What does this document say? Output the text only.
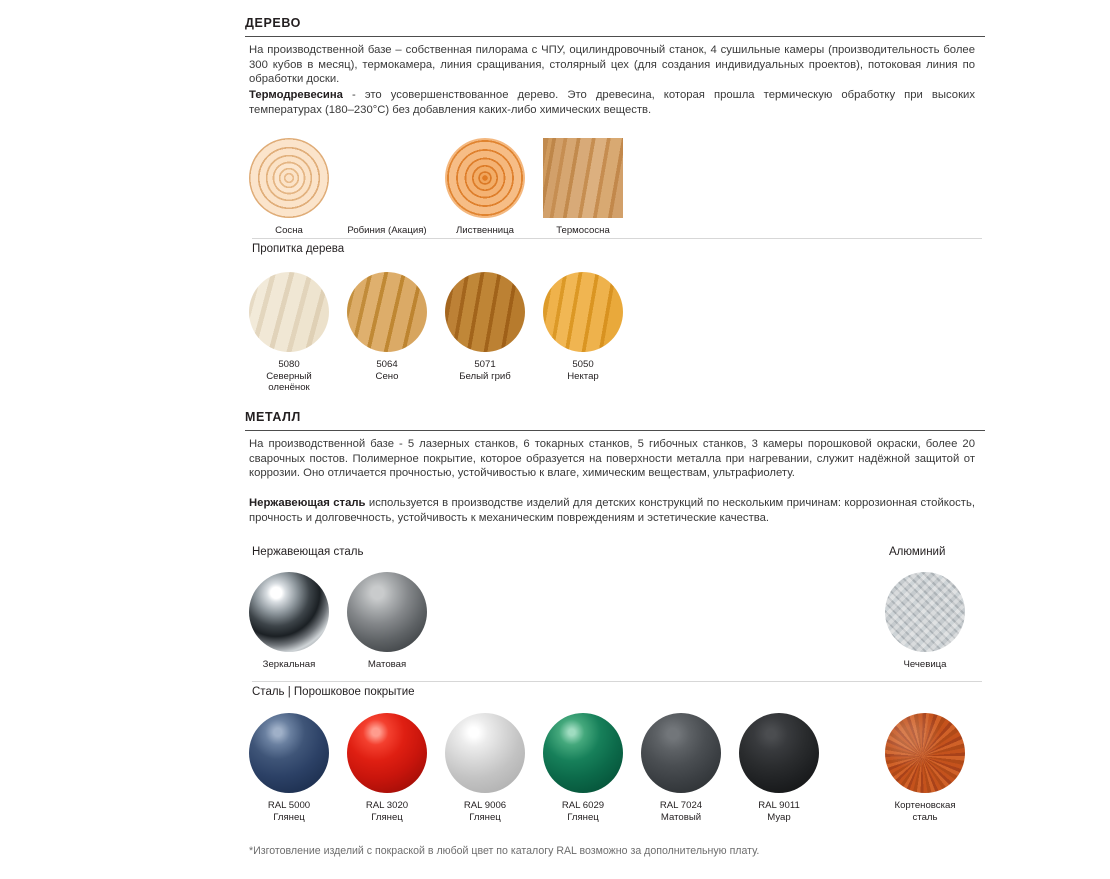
ДЕРЕВО
На производственной базе – собственная пилорама с ЧПУ, оцилиндровочный станок, 4 сушильные камеры (производительность более 300 кубов в месяц), термокамера, линия сращивания, столярный цех (для создания индивидуальных проектов), потоковая линия по обработки доски.
Термодревесина - это усовершенствованное дерево. Это древесина, которая прошла термическую обработку при высоких температурах (180–230°С) без добавления каких-либо химических веществ.
Сосна	Робиния (Акация)	Лиственница	Термососна
Пропитка дерева
5080
Северный оленёнок
5064
Сено
5071
Белый гриб
5050
Нектар
МЕТАЛЛ
На производственной базе - 5 лазерных станков, 6 токарных станков, 5 гибочных станков, 3 камеры порошковой окраски, более 20 сварочных постов. Полимерное покрытие, которое образуется на поверхности металла при нагревании, служит надёжной защитой от коррозии. Оно отличается прочностью, устойчивостью к влаге, химическим веществам, ультрафиолету.
Нержавеющая сталь используется в производстве изделий для детских конструкций по нескольким причинам: коррозионная стойкость, прочность и долговечность, устойчивость к механическим повреждениям и эстетические качества.
Нержавеющая сталь	Алюминий
Зеркальная	Матовая	Чечевица
Сталь | Порошковое покрытие
RAL 5000
Глянец
RAL 3020
Глянец
RAL 9006
Глянец
RAL 6029
Глянец
RAL 7024
Матовый
RAL 9011
Муар
Кортеновская сталь
*Изготовление изделий с покраской в любой цвет по каталогу RAL возможно за дополнительную плату.
